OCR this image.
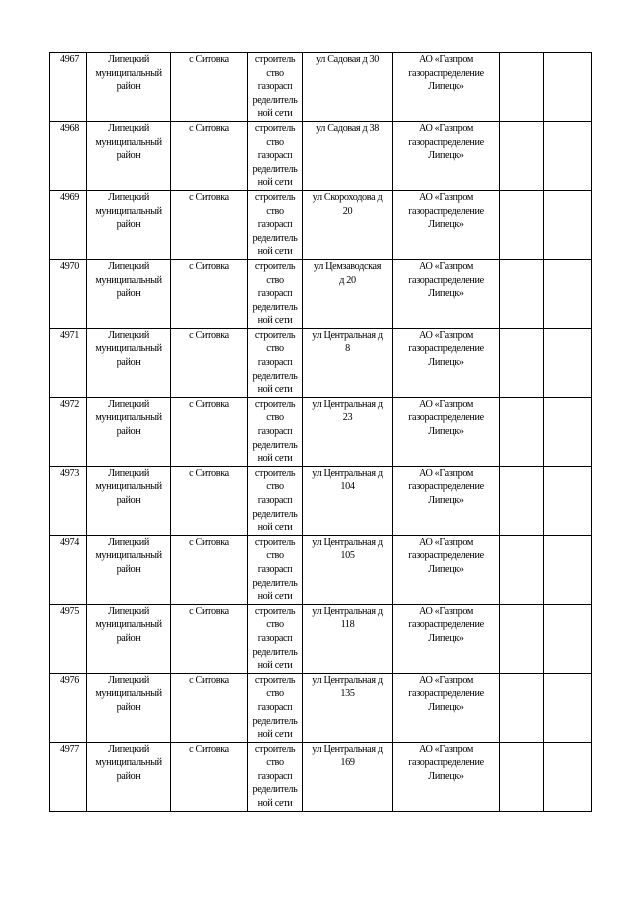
4967	Липецкий
муниципальный
район	с Ситовка	строитель
ство
газорасп
ределитель
ной сети	ул Садовая д 30	АО «Газпром
газораспределение
Липецк»		

4968	Липецкий
муниципальный
район	с Ситовка	строитель
ство
газорасп
ределитель
ной сети	ул Садовая д 38	АО «Газпром
газораспределение
Липецк»		

4969	Липецкий
муниципальный
район	с Ситовка	строитель
ство
газорасп
ределитель
ной сети	ул Скороходова д
20	АО «Газпром
газораспределение
Липецк»		

4970	Липецкий
муниципальный
район	с Ситовка	строитель
ство
газорасп
ределитель
ной сети	ул Цемзаводская
д 20	АО «Газпром
газораспределение
Липецк»		

4971	Липецкий
муниципальный
район	с Ситовка	строитель
ство
газорасп
ределитель
ной сети	ул Центральная д
8	АО «Газпром
газораспределение
Липецк»		

4972	Липецкий
муниципальный
район	с Ситовка	строитель
ство
газорасп
ределитель
ной сети	ул Центральная д
23	АО «Газпром
газораспределение
Липецк»		

4973	Липецкий
муниципальный
район	с Ситовка	строитель
ство
газорасп
ределитель
ной сети	ул Центральная д
104	АО «Газпром
газораспределение
Липецк»		

4974	Липецкий
муниципальный
район	с Ситовка	строитель
ство
газорасп
ределитель
ной сети	ул Центральная д
105	АО «Газпром
газораспределение
Липецк»		

4975	Липецкий
муниципальный
район	с Ситовка	строитель
ство
газорасп
ределитель
ной сети	ул Центральная д
118	АО «Газпром
газораспределение
Липецк»		

4976	Липецкий
муниципальный
район	с Ситовка	строитель
ство
газорасп
ределитель
ной сети	ул Центральная д
135	АО «Газпром
газораспределение
Липецк»		

4977	Липецкий
муниципальный
район	с Ситовка	строитель
ство
газорасп
ределитель
ной сети	ул Центральная д
169	АО «Газпром
газораспределение
Липецк»		
